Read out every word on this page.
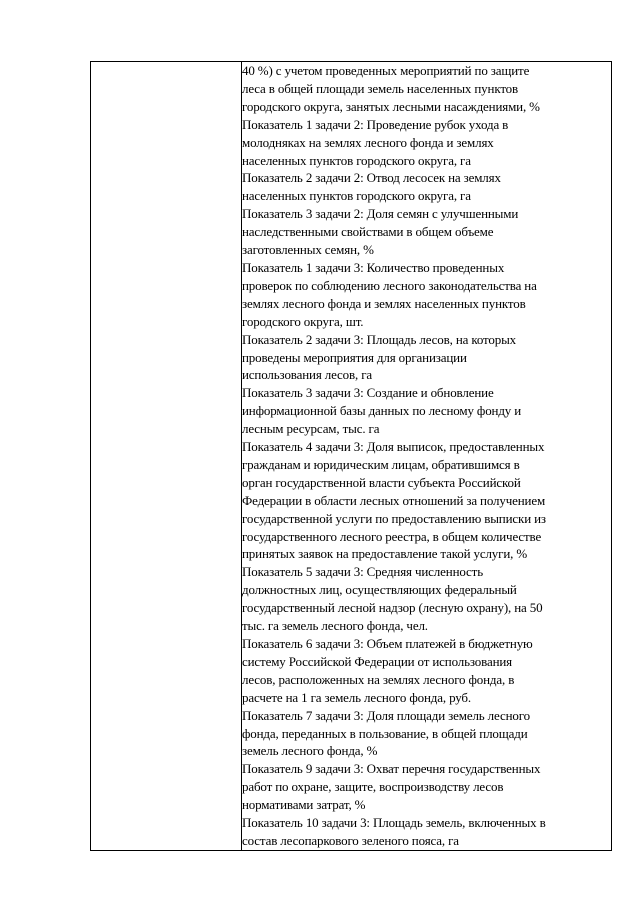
40 %) с учетом проведенных мероприятий по защите
леса в общей площади земель населенных пунктов
городского округа, занятых лесными насаждениями, %

Показатель 1 задачи 2: Проведение рубок ухода в
молодняках на землях лесного фонда и землях
населенных пунктов городского округа, га

Показатель 2 задачи 2: Отвод лесосек на землях
населенных пунктов городского округа, га

Показатель 3 задачи 2: Доля семян с улучшенными
наследственными свойствами в общем объеме
заготовленных семян, %

Показатель 1 задачи 3: Количество проведенных
проверок по соблюдению лесного законодательства на
землях лесного фонда и землях населенных пунктов
городского округа, шт.

Показатель 2 задачи 3: Площадь лесов, на которых
проведены мероприятия для организации
использования лесов, га

Показатель 3 задачи 3: Создание и обновление
информационной базы данных по лесному фонду и
лесным ресурсам, тыс. га

Показатель 4 задачи 3: Доля выписок, предоставленных
гражданам и юридическим лицам, обратившимся в
орган государственной власти субъекта Российской
Федерации в области лесных отношений за получением
государственной услуги по предоставлению выписки из
государственного лесного реестра, в общем количестве
принятых заявок на предоставление такой услуги, %

Показатель 5 задачи 3: Средняя численность
должностных лиц, осуществляющих федеральный
государственный лесной надзор (лесную охрану), на 50
тыс. га земель лесного фонда, чел.

Показатель 6 задачи 3: Объем платежей в бюджетную
систему Российской Федерации от использования
лесов, расположенных на землях лесного фонда, в
расчете на 1 га земель лесного фонда, руб.

Показатель 7 задачи 3: Доля площади земель лесного
фонда, переданных в пользование, в общей площади
земель лесного фонда, %

Показатель 9 задачи 3: Охват перечня государственных
работ по охране, защите, воспроизводству лесов
нормативами затрат, %

Показатель 10 задачи 3: Площадь земель, включенных в
состав лесопаркового зеленого пояса, га
